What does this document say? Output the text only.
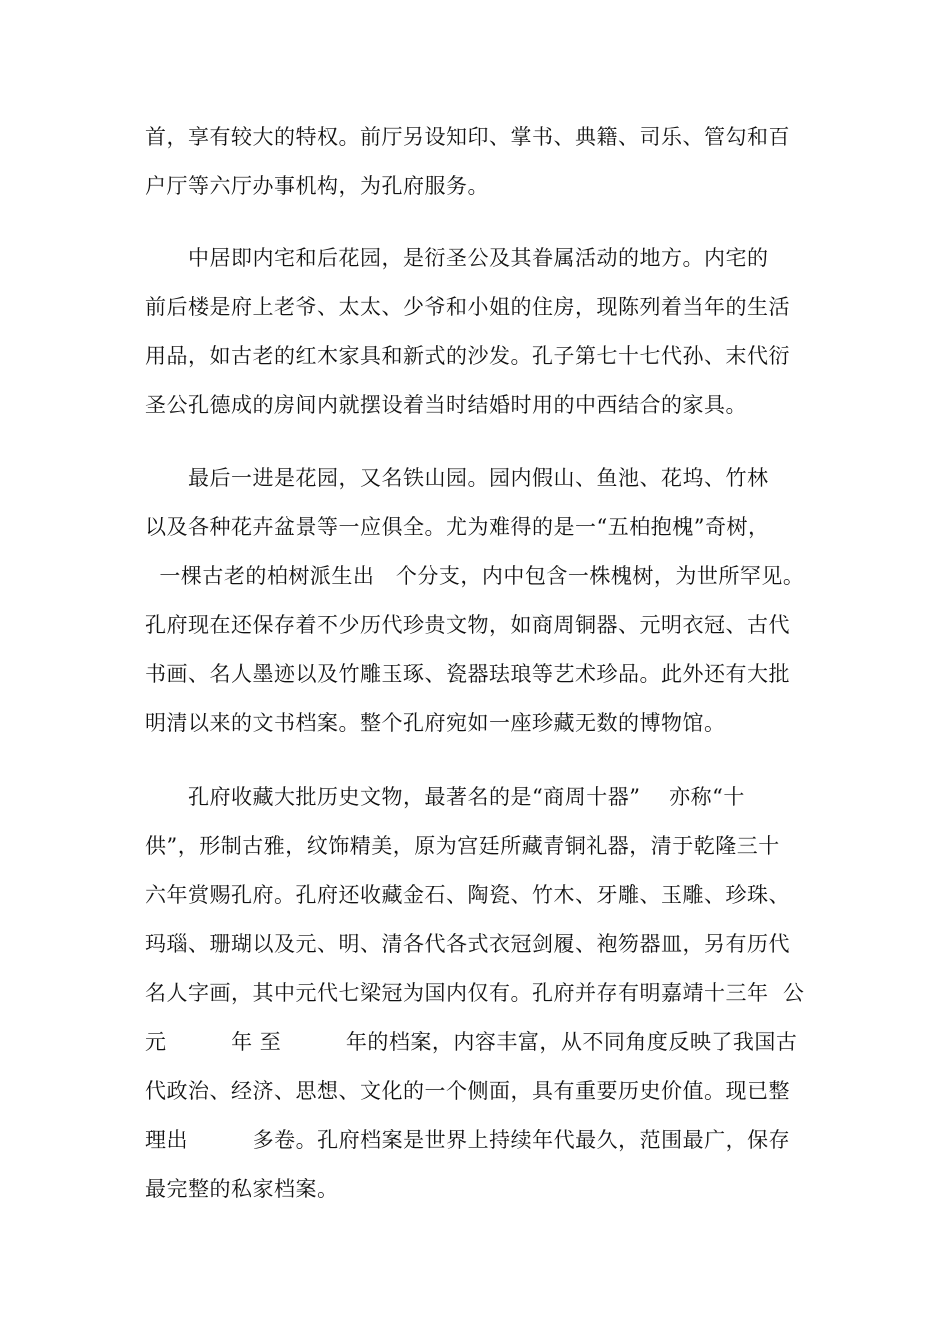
首，享有较大的特权。前厅另设知印、掌书、典籍、司乐、管勾和百
户厅等六厅办事机构，为孔府服务。
　　中居即内宅和后花园，是衍圣公及其眷属活动的地方。内宅的
前后楼是府上老爷、太太、少爷和小姐的住房，现陈列着当年的生活
用品，如古老的红木家具和新式的沙发。孔子第七十七代孙、末代衍
圣公孔德成的房间内就摆设着当时结婚时用的中西结合的家具。
　　最后一进是花园，又名铁山园。园内假山、鱼池、花坞、竹林
以及各种花卉盆景等一应俱全。尤为难得的是一“五柏抱槐”奇树，
一棵古老的柏树派生出   个分支，内中包含一株槐树，为世所罕见。
孔府现在还保存着不少历代珍贵文物，如商周铜器、元明衣冠、古代
书画、名人墨迹以及竹雕玉琢、瓷器珐琅等艺术珍品。此外还有大批
明清以来的文书档案。整个孔府宛如一座珍藏无数的博物馆。
　　孔府收藏大批历史文物，最著名的是“商周十器”    亦称“十
供”，形制古雅，纹饰精美，原为宫廷所藏青铜礼器，清于乾隆三十
六年赏赐孔府。孔府还收藏金石、陶瓷、竹木、牙雕、玉雕、珍珠、
玛瑙、珊瑚以及元、明、清各代各式衣冠剑履、袍笏器皿，另有历代
名人字画，其中元代七梁冠为国内仅有。孔府并存有明嘉靖十三年  公
元         年 至         年的档案，内容丰富，从不同角度反映了我国古
代政治、经济、思想、文化的一个侧面，具有重要历史价值。现已整
理出         多卷。孔府档案是世界上持续年代最久，范围最广，保存
最完整的私家档案。
